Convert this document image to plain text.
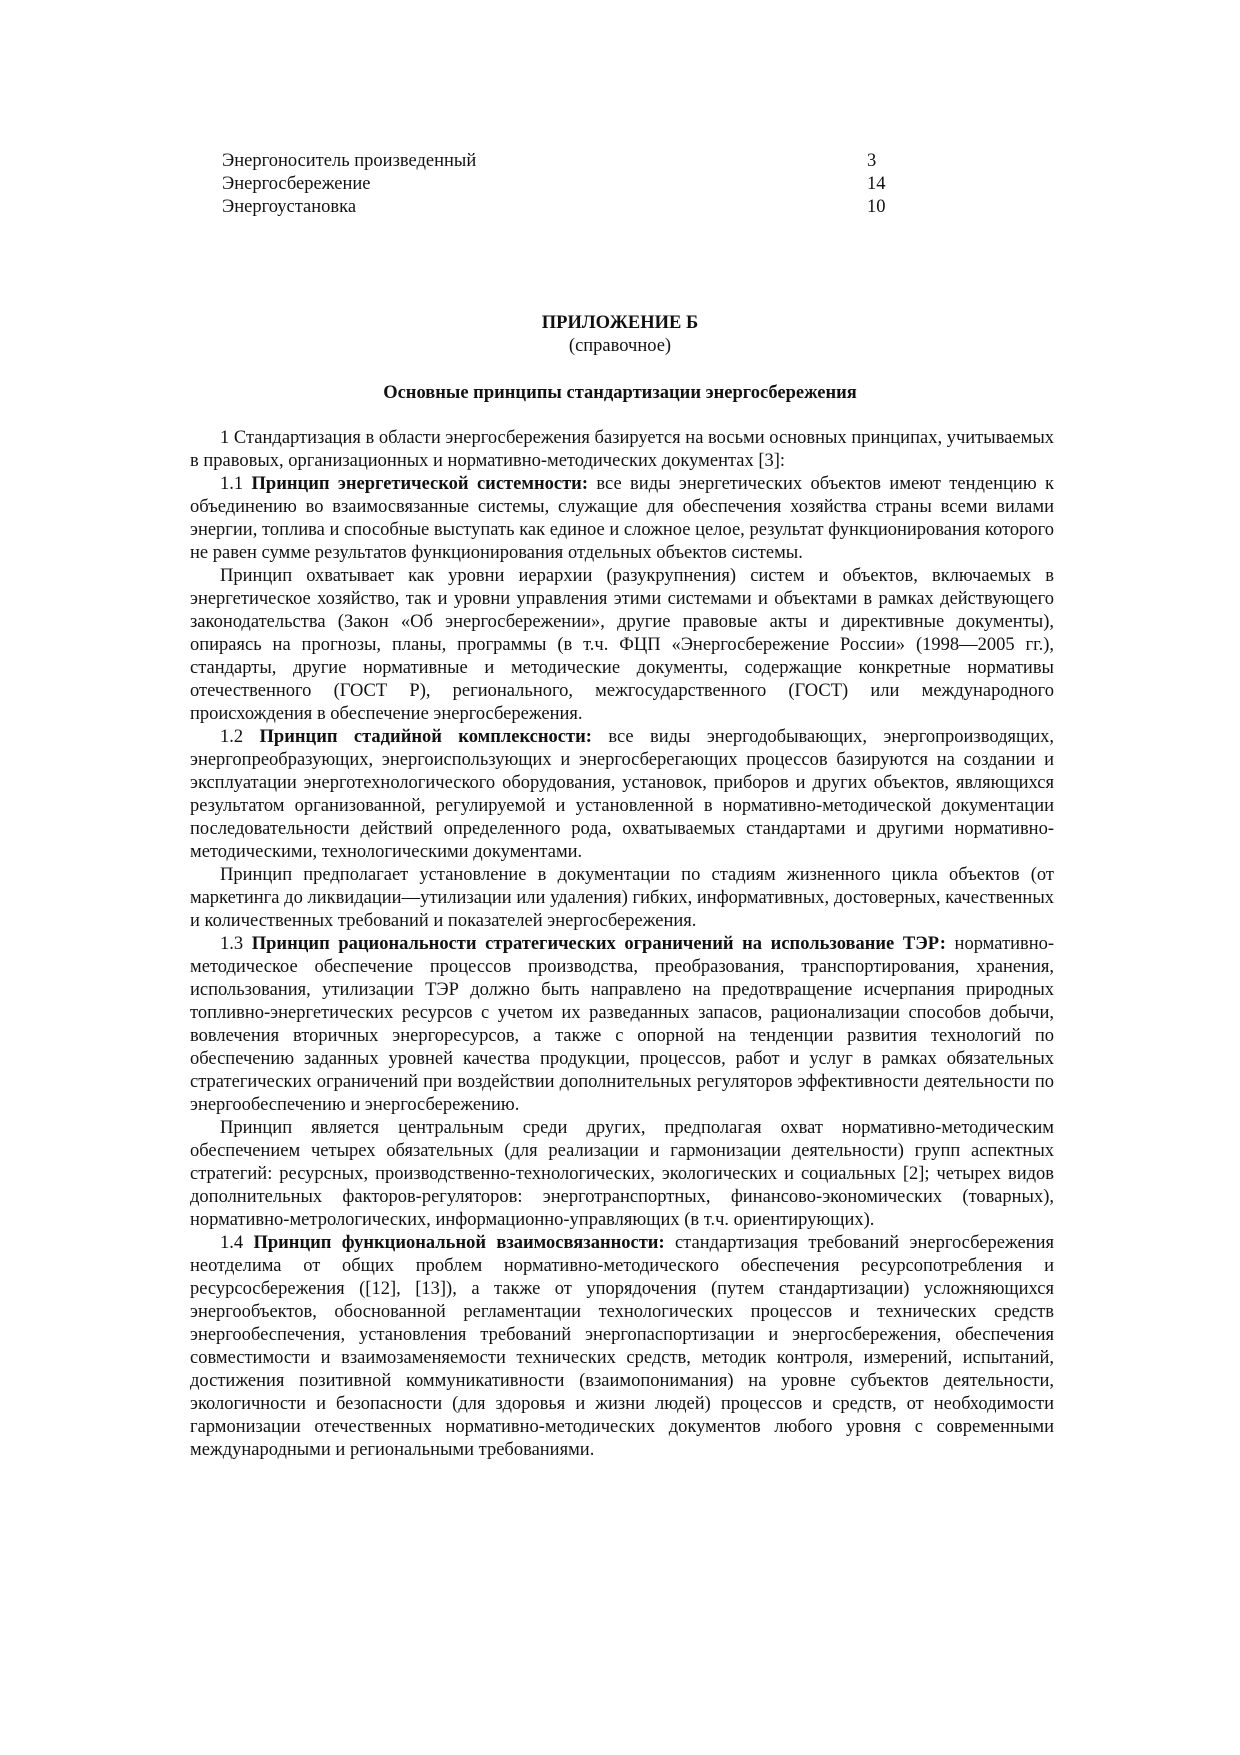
Энергоноситель произведенный	3
Энергосбережение	14
Энергоустановка	10
ПРИЛОЖЕНИЕ Б
(справочное)
Основные принципы стандартизации энергосбережения

1 Стандартизация в области энергосбережения базируется на восьми основных принципах, учитываемых в правовых, организационных и нормативно-методических документах [3]:

1.1 Принцип энергетической системности: все виды энергетических объектов имеют тенденцию к объединению во взаимосвязанные системы, служащие для обеспечения хозяйства страны всеми вилами энергии, топлива и способные выступать как единое и сложное целое, результат функционирования которого не равен сумме результатов функционирования отдельных объектов системы.

Принцип охватывает как уровни иерархии (разукрупнения) систем и объектов, включаемых в энергетическое хозяйство, так и уровни управления этими системами и объектами в рамках действующего законодательства (Закон «Об энергосбережении», другие правовые акты и директивные документы), опираясь на прогнозы, планы, программы (в т.ч. ФЦП «Энергосбережение России» (1998—2005 гг.), стандарты, другие нормативные и методические документы, содержащие конкретные нормативы отечественного (ГОСТ Р), регионального, межгосударственного (ГОСТ) или международного происхождения в обеспечение энергосбережения.

1.2 Принцип стадийной комплексности: все виды энергодобывающих, энергопроизводящих, энергопреобразующих, энергоиспользующих и энергосберегающих процессов базируются на создании и эксплуатации энерготехнологического оборудования, установок, приборов и других объектов, являющихся результатом организованной, регулируемой и установленной в нормативно-методической документации последовательности действий определенного рода, охватываемых стандартами и другими нормативно-методическими, технологическими документами.

Принцип предполагает установление в документации по стадиям жизненного цикла объектов (от маркетинга до ликвидации—утилизации или удаления) гибких, информативных, достоверных, качественных и количественных требований и показателей энергосбережения.

1.3 Принцип рациональности стратегических ограничений на использование ТЭР: нормативно-методическое обеспечение процессов производства, преобразования, транспортирования, хранения, использования, утилизации ТЭР должно быть направлено на предотвращение исчерпания природных топливно-энергетических ресурсов с учетом их разведанных запасов, рационализации способов добычи, вовлечения вторичных энергоресурсов, а также с опорной на тенденции развития технологий по обеспечению заданных уровней качества продукции, процессов, работ и услуг в рамках обязательных стратегических ограничений при воздействии дополнительных регуляторов эффективности деятельности по энергообеспечению и энергосбережению.

Принцип является центральным среди других, предполагая охват нормативно-методическим обеспечением четырех обязательных (для реализации и гармонизации деятельности) групп аспектных стратегий: ресурсных, производственно-технологических, экологических и социальных [2]; четырех видов дополнительных факторов-регуляторов: энерготранспортных, финансово-экономических (товарных), нормативно-метрологических, информационно-управляющих (в т.ч. ориентирующих).

1.4 Принцип функциональной взаимосвязанности: стандартизация требований энергосбережения неотделима от общих проблем нормативно-методического обеспечения ресурсопотребления и ресурсосбережения ([12], [13]), а также от упорядочения (путем стандартизации) усложняющихся энергообъектов, обоснованной регламентации технологических процессов и технических средств энергообеспечения, установления требований энергопаспортизации и энергосбережения, обеспечения совместимости и взаимозаменяемости технических средств, методик контроля, измерений, испытаний, достижения позитивной коммуникативности (взаимопонимания) на уровне субъектов деятельности, экологичности и безопасности (для здоровья и жизни людей) процессов и средств, от необходимости гармонизации отечественных нормативно-методических документов любого уровня с современными международными и региональными требованиями.
